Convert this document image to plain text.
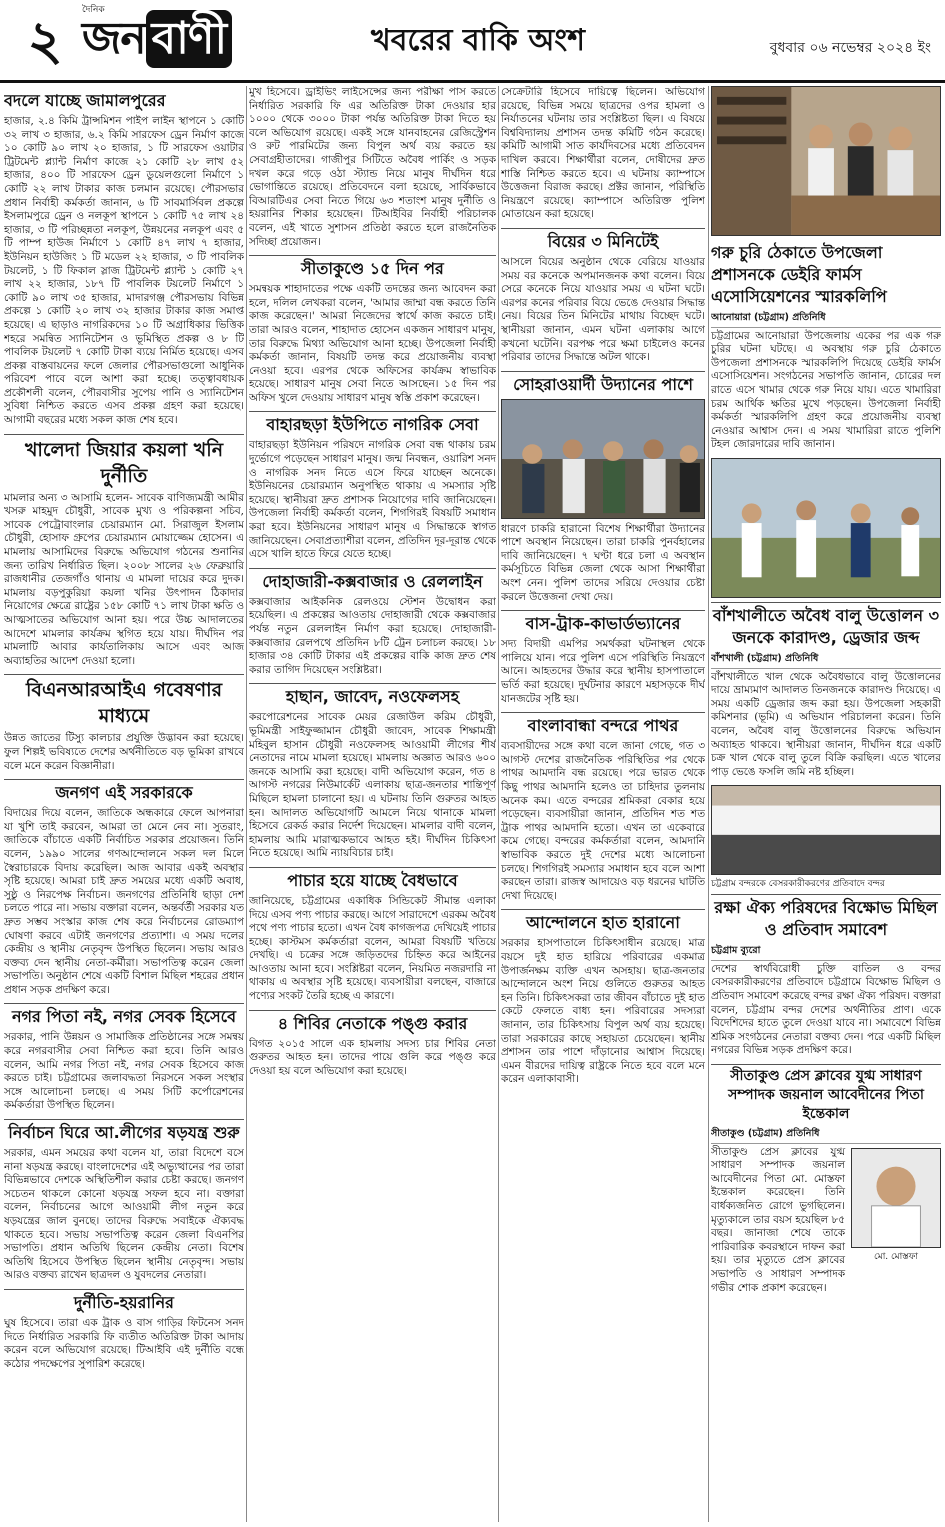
২	দৈনিক
জন বাণী	খবরের বাকি অংশ	বুধবার ০৬ নভেম্বর ২০২৪ ইং
বদলে যাচ্ছে জামালপুরের

হাজার, ২.৪ কিমি ট্রান্সমিশন পাইপ লাইন স্থাপনে ১ কোটি ৩২ লাখ ৩ হাজার, ৬.২ কিমি সারফেস ড্রেন নির্মাণ কাজে ১০ কোটি ৯০ লাখ ২০ হাজার, ১ টি সারফেস ওয়াটার ট্রিটমেন্ট প্ল্যান্ট নির্মাণ কাজে ২১ কোটি ২৮ লাখ ৫২ হাজার, ৪০০ টি সারফেস ড্রেন ডুয়েলগুলো নির্মাণে ১ কোটি ২২ লাখ টাকার কাজ চলমান রয়েছে। পৌরসভার প্রধান নির্বাহী কর্মকর্তা জানান, ৬ টি সাবমার্সিবল প্রকল্পে ইসলামপুরে ড্রেন ও নলকূপ স্থাপনে ১ কোটি ৭৫ লাখ ২৪ হাজার, ৩ টি পরিচ্ছন্নতা নলকূপ, উন্নয়নের নলকূপ এবং ৫ টি পাম্প হাউজ নির্মাণে ১ কোটি ৪৭ লাখ ৭ হাজার, ইউনিয়ন হাউজিং ১ টি মডেল ২২ হাজার, ৩ টি পাবলিক টয়লেট, ১ টি ফিকাল স্লাজ ট্রিটমেন্ট প্ল্যান্ট ১ কোটি ২৭ লাখ ২২ হাজার, ১৮৭ টি পাবলিক টয়লেট নির্মাণে ১ কোটি ৯০ লাখ ৩৫ হাজার, মাদারগঞ্জ পৌরসভায় বিভিন্ন প্রকল্পে ১ কোটি ২০ লাখ ৩২ হাজার টাকার কাজ সমাপ্ত হয়েছে। এ ছাড়াও নাগরিকদের ১০ টি অগ্রাধিকার ভিত্তিক শহরে সমন্বিত স্যানিটেশন ও ভূমিস্থিত প্রকল্প ও ৮ টি পাবলিক টয়লেট ৭ কোটি টাকা ব্যয়ে নির্মিত হয়েছে। এসব প্রকল্প বাস্তবায়নের ফলে জেলার পৌরসভাগুলো আধুনিক পরিবেশ পাবে বলে আশা করা হচ্ছে। তত্ত্বাবধায়ক প্রকৌশলী বলেন, পৌরবাসীর সুপেয় পানি ও স্যানিটেশন সুবিধা নিশ্চিত করতে এসব প্রকল্প গ্রহণ করা হয়েছে। আগামী বছরের মধ্যে সকল কাজ শেষ হবে।

খালেদা জিয়ার কয়লা খনি দুর্নীতি

মামলার অন্য ৩ আসামি হলেন- সাবেক বাণিজ্যমন্ত্রী আমীর খসরু মাহমুদ চৌধুরী, সাবেক মুখ্য ও পরিকল্পনা সচিব, সাবেক পেট্রোবাংলার চেয়ারম্যান মো. সিরাজুল ইসলাম চৌধুরী, হোসাফ গ্রুপের চেয়ারম্যান মোয়াজ্জেম হোসেন। এ মামলায় আসামিদের বিরুদ্ধে অভিযোগ গঠনের শুনানির জন্য তারিখ নির্ধারিত ছিল। ২০০৮ সালের ২৬ ফেব্রুয়ারি রাজধানীর তেজগাঁও থানায় এ মামলা দায়ের করে দুদক। মামলায় বড়পুকুরিয়া কয়লা খনির উৎপাদন ঠিকাদার নিয়োগের ক্ষেত্রে রাষ্ট্রের ১৫৮ কোটি ৭১ লাখ টাকা ক্ষতি ও আত্মসাতের অভিযোগ আনা হয়। পরে উচ্চ আদালতের আদেশে মামলার কার্যক্রম স্থগিত হয়ে যায়। দীর্ঘদিন পর মামলাটি আবার কার্যতালিকায় আসে এবং আজ অব্যাহতির আদেশ দেওয়া হলো।

বিএনআরআইএ গবেষণার মাধ্যমে

উন্নত জাতের টিস্যু কালচার প্রযুক্তি উদ্ভাবন করা হয়েছে। ফুল শিল্পই ভবিষ্যতে দেশের অর্থনীতিতে বড় ভূমিকা রাখবে বলে মনে করেন বিজ্ঞানীরা।

জনগণ এই সরকারকে

বিদায়ের দিয়ে বলেন, জাতিকে অন্ধকারে ফেলে আপনারা যা খুশি তাই করবেন, আমরা তা মেনে নেব না। সুতরাং, জাতিকে বাঁচাতে একটি নির্বাচিত সরকার প্রয়োজন। তিনি বলেন, ১৯৯০ সালের গণআন্দোলনে সকল দল মিলে স্বৈরাচারকে বিদায় করেছিল। আজ আবার একই অবস্থার সৃষ্টি হয়েছে। আমরা চাই দ্রুত সময়ের মধ্যে একটি অবাধ, সুষ্ঠু ও নিরপেক্ষ নির্বাচন। জনগণের প্রতিনিধি ছাড়া দেশ চলতে পারে না। সভায় বক্তারা বলেন, অন্তর্বর্তী সরকার যত দ্রুত সম্ভব সংস্কার কাজ শেষ করে নির্বাচনের রোডম্যাপ ঘোষণা করবে এটাই জনগণের প্রত্যাশা। এ সময় দলের কেন্দ্রীয় ও স্থানীয় নেতৃবৃন্দ উপস্থিত ছিলেন। সভায় আরও বক্তব্য দেন স্থানীয় নেতা-কর্মীরা। সভাপতিত্ব করেন জেলা সভাপতি। অনুষ্ঠান শেষে একটি বিশাল মিছিল শহরের প্রধান প্রধান সড়ক প্রদক্ষিণ করে।

নগর পিতা নই, নগর সেবক হিসেবে

সরকার, পানি উন্নয়ন ও সামাজিক প্রতিষ্ঠানের সঙ্গে সমন্বয় করে নগরবাসীর সেবা নিশ্চিত করা হবে। তিনি আরও বলেন, আমি নগর পিতা নই, নগর সেবক হিসেবে কাজ করতে চাই। চট্টগ্রামের জলাবদ্ধতা নিরসনে সকল সংস্থার সঙ্গে আলোচনা চলছে। এ সময় সিটি কর্পোরেশনের কর্মকর্তারা উপস্থিত ছিলেন।

নির্বাচন ঘিরে আ.লীগের ষড়যন্ত্র শুরু

সরকার, এমন সময়ের কথা বলেন যা, তারা বিদেশে বসে নানা ষড়যন্ত্র করছে। বাংলাদেশের এই অভ্যুত্থানের পর তারা বিভিন্নভাবে দেশকে অস্থিতিশীল করার চেষ্টা করছে। জনগণ সচেতন থাকলে কোনো ষড়যন্ত্র সফল হবে না। বক্তারা বলেন, নির্বাচনের আগে আওয়ামী লীগ নতুন করে ষড়যন্ত্রের জাল বুনছে। তাদের বিরুদ্ধে সবাইকে ঐক্যবদ্ধ থাকতে হবে। সভায় সভাপতিত্ব করেন জেলা বিএনপির সভাপতি। প্রধান অতিথি ছিলেন কেন্দ্রীয় নেতা। বিশেষ অতিথি হিসেবে উপস্থিত ছিলেন স্থানীয় নেতৃবৃন্দ। সভায় আরও বক্তব্য রাখেন ছাত্রদল ও যুবদলের নেতারা।

দুর্নীতি-হয়রানির

ঘুষ হিসেবে। তারা এক ট্রাক ও বাস গাড়ির ফিটনেস সনদ দিতে নির্ধারিত সরকারি ফি ব্যতীত অতিরিক্ত টাকা আদায় করেন বলে অভিযোগ রয়েছে। টিআইবি এই দুর্নীতি বন্ধে কঠোর পদক্ষেপের সুপারিশ করেছে।

মুখ হিসেবে। ড্রাইভিং লাইসেন্সের জন্য পরীক্ষা পাস করতে নির্ধারিত সরকারি ফি এর অতিরিক্ত টাকা দেওয়ার হার ১০০০ থেকে ৩০০০ টাকা পর্যন্ত অতিরিক্ত টাকা দিতে হয় বলে অভিযোগ রয়েছে। একই সঙ্গে যানবাহনের রেজিস্ট্রেশন ও রুট পারমিটের জন্য বিপুল অর্থ ব্যয় করতে হয় সেবাগ্রহীতাদের। গাজীপুর সিটিতে অবৈধ পার্কিং ও সড়ক দখল করে গড়ে ওঠা স্ট্যান্ড নিয়ে মানুষ দীর্ঘদিন ধরে ভোগান্তিতে রয়েছে। প্রতিবেদনে বলা হয়েছে, সার্বিকভাবে বিআরটিএর সেবা নিতে গিয়ে ৬৩ শতাংশ মানুষ দুর্নীতি ও হয়রানির শিকার হয়েছেন। টিআইবির নির্বাহী পরিচালক বলেন, এই খাতে সুশাসন প্রতিষ্ঠা করতে হলে রাজনৈতিক সদিচ্ছা প্রয়োজন।

সীতাকুণ্ডে ১৫ দিন পর

সমন্বয়ক শাহাদাতের পক্ষে একটি তদন্তের জন্য আবেদন করা হলে, দলিল লেখকরা বলেন, 'আমার জাম্মা বন্ধ করতে তিনি কাজ করেছেন।' আমরা নিজেদের স্বার্থে কাজ করতে চাই। তারা আরও বলেন, শাহাদাত হোসেন একজন সাধারণ মানুষ, তার বিরুদ্ধে মিথ্যা অভিযোগ আনা হচ্ছে। উপজেলা নির্বাহী কর্মকর্তা জানান, বিষয়টি তদন্ত করে প্রয়োজনীয় ব্যবস্থা নেওয়া হবে। এরপর থেকে অফিসের কার্যক্রম স্বাভাবিক হয়েছে। সাধারণ মানুষ সেবা নিতে আসছেন। ১৫ দিন পর অফিস খুলে দেওয়ায় সাধারণ মানুষ স্বস্তি প্রকাশ করেছেন।

বাহারছড়া ইউপিতে নাগরিক সেবা

বাহারছড়া ইউনিয়ন পরিষদে নাগরিক সেবা বন্ধ থাকায় চরম দুর্ভোগে পড়েছেন সাধারণ মানুষ। জন্ম নিবন্ধন, ওয়ারিশ সনদ ও নাগরিক সনদ নিতে এসে ফিরে যাচ্ছেন অনেকে। ইউনিয়নের চেয়ারম্যান অনুপস্থিত থাকায় এ সমস্যার সৃষ্টি হয়েছে। স্থানীয়রা দ্রুত প্রশাসক নিয়োগের দাবি জানিয়েছেন। উপজেলা নির্বাহী কর্মকর্তা বলেন, শিগগিরই বিষয়টি সমাধান করা হবে। ইউনিয়নের সাধারণ মানুষ এ সিদ্ধান্তকে স্বাগত জানিয়েছেন। সেবাপ্রত্যাশীরা বলেন, প্রতিদিন দূর-দূরান্ত থেকে এসে খালি হাতে ফিরে যেতে হচ্ছে।

দোহাজারী-কক্সবাজার ও রেললাইন

কক্সবাজার আইকনিক রেলওয়ে স্টেশন উদ্বোধন করা হয়েছিল। এ প্রকল্পের আওতায় দোহাজারী থেকে কক্সবাজার পর্যন্ত নতুন রেললাইন নির্মাণ করা হয়েছে। দোহাজারী-কক্সবাজার রেলপথে প্রতিদিন ৮টি ট্রেন চলাচল করছে। ১৮ হাজার ৩৪ কোটি টাকার এই প্রকল্পের বাকি কাজ দ্রুত শেষ করার তাগিদ দিয়েছেন সংশ্লিষ্টরা।

হাছান, জাবেদ, নওফেলসহ

করপোরেশনের সাবেক মেয়র রেজাউল করিম চৌধুরী, ভূমিমন্ত্রী সাইফুজ্জামান চৌধুরী জাবেদ, সাবেক শিক্ষামন্ত্রী মহিবুল হাসান চৌধুরী নওফেলসহ আওয়ামী লীগের শীর্ষ নেতাদের নামে মামলা হয়েছে। মামলায় অজ্ঞাত আরও ৬০০ জনকে আসামি করা হয়েছে। বাদী অভিযোগ করেন, গত ৪ আগস্ট নগরের নিউমার্কেট এলাকায় ছাত্র-জনতার শান্তিপূর্ণ মিছিলে হামলা চালানো হয়। এ ঘটনায় তিনি গুরুতর আহত হন। আদালত অভিযোগটি আমলে নিয়ে থানাকে মামলা হিসেবে রেকর্ড করার নির্দেশ দিয়েছেন। মামলার বাদী বলেন, হামলায় আমি মারাত্মকভাবে আহত হই। দীর্ঘদিন চিকিৎসা নিতে হয়েছে। আমি ন্যায়বিচার চাই।

পাচার হয়ে যাচ্ছে বৈধভাবে

জানিয়েছে, চট্টগ্রামের একাধিক সিন্ডিকেট সীমান্ত এলাকা দিয়ে এসব পণ্য পাচার করছে। আগে সারাদেশে এরকম অবৈধ পথে পণ্য পাচার হতো। এখন বৈধ কাগজপত্র দেখিয়েই পাচার হচ্ছে। কাস্টমস কর্মকর্তারা বলেন, আমরা বিষয়টি খতিয়ে দেখছি। এ চক্রের সঙ্গে জড়িতদের চিহ্নিত করে আইনের আওতায় আনা হবে। সংশ্লিষ্টরা বলেন, নিয়মিত নজরদারি না থাকায় এ অবস্থার সৃষ্টি হয়েছে। ব্যবসায়ীরা বলছেন, বাজারে পণ্যের সংকট তৈরি হচ্ছে এ কারণে।

৪ শিবির নেতাকে পঙ্গু করার

বিগত ২০১৫ সালে এক হামলায় সদস্য চার শিবির নেতা গুরুতর আহত হন। তাদের পায়ে গুলি করে পঙ্গু করে দেওয়া হয় বলে অভিযোগ করা হয়েছে।

সেক্রেটারি হিসেবে দায়িত্বে ছিলেন। অভিযোগ রয়েছে, বিভিন্ন সময়ে ছাত্রদের ওপর হামলা ও নির্যাতনের ঘটনায় তার সংশ্লিষ্টতা ছিল। এ বিষয়ে বিশ্ববিদ্যালয় প্রশাসন তদন্ত কমিটি গঠন করেছে। কমিটি আগামী সাত কার্যদিবসের মধ্যে প্রতিবেদন দাখিল করবে। শিক্ষার্থীরা বলেন, দোষীদের দ্রুত শাস্তি নিশ্চিত করতে হবে। এ ঘটনায় ক্যাম্পাসে উত্তেজনা বিরাজ করছে। প্রক্টর জানান, পরিস্থিতি নিয়ন্ত্রণে রয়েছে। ক্যাম্পাসে অতিরিক্ত পুলিশ মোতায়েন করা হয়েছে।

বিয়ের ৩ মিনিটেই

আসলে বিয়ের অনুষ্ঠান থেকে বেরিয়ে যাওয়ার সময় বর কনেকে অপমানজনক কথা বলেন। বিয়ে সেরে কনেকে নিয়ে যাওয়ার সময় এ ঘটনা ঘটে। এরপর কনের পরিবার বিয়ে ভেঙে দেওয়ার সিদ্ধান্ত নেয়। বিয়ের তিন মিনিটের মাথায় বিচ্ছেদ ঘটে। স্থানীয়রা জানান, এমন ঘটনা এলাকায় আগে কখনো ঘটেনি। বরপক্ষ পরে ক্ষমা চাইলেও কনের পরিবার তাদের সিদ্ধান্তে অটল থাকে।

সোহরাওয়ার্দী উদ্যানের পাশে

ধারণে চাকরি হারানো বিশেষ শিক্ষার্থীরা উদ্যানের পাশে অবস্থান নিয়েছেন। তারা চাকরি পুনর্বহালের দাবি জানিয়েছেন। ৭ ঘণ্টা ধরে চলা এ অবস্থান কর্মসূচিতে বিভিন্ন জেলা থেকে আসা শিক্ষার্থীরা অংশ নেন। পুলিশ তাদের সরিয়ে দেওয়ার চেষ্টা করলে উত্তেজনা দেখা দেয়।

বাস-ট্রাক-কাভার্ডভ্যানের

সদ্য বিদায়ী এমপির সমর্থকরা ঘটনাস্থল থেকে পালিয়ে যান। পরে পুলিশ এসে পরিস্থিতি নিয়ন্ত্রণে আনে। আহতদের উদ্ধার করে স্থানীয় হাসপাতালে ভর্তি করা হয়েছে। দুর্ঘটনার কারণে মহাসড়কে দীর্ঘ যানজটের সৃষ্টি হয়।

বাংলাবান্ধা বন্দরে পাথর

ব্যবসায়ীদের সঙ্গে কথা বলে জানা গেছে, গত ৩ আগস্ট দেশের রাজনৈতিক পরিস্থিতির পর থেকে পাথর আমদানি বন্ধ রয়েছে। পরে ভারত থেকে কিছু পাথর আমদানি হলেও তা চাহিদার তুলনায় অনেক কম। এতে বন্দরের শ্রমিকরা বেকার হয়ে পড়েছেন। ব্যবসায়ীরা জানান, প্রতিদিন শত শত ট্রাক পাথর আমদানি হতো। এখন তা একেবারে কমে গেছে। বন্দরের কর্মকর্তারা বলেন, আমদানি স্বাভাবিক করতে দুই দেশের মধ্যে আলোচনা চলছে। শিগগিরই সমস্যার সমাধান হবে বলে আশা করছেন তারা। রাজস্ব আদায়েও বড় ধরনের ঘাটতি দেখা দিয়েছে।

আন্দোলনে হাত হারানো

সরকার হাসপাতালে চিকিৎসাধীন রয়েছে। মাত্র বয়সে দুই হাত হারিয়ে পরিবারের একমাত্র উপার্জনক্ষম ব্যক্তি এখন অসহায়। ছাত্র-জনতার আন্দোলনে অংশ নিয়ে গুলিতে গুরুতর আহত হন তিনি। চিকিৎসকরা তার জীবন বাঁচাতে দুই হাত কেটে ফেলতে বাধ্য হন। পরিবারের সদস্যরা জানান, তার চিকিৎসায় বিপুল অর্থ ব্যয় হয়েছে। তারা সরকারের কাছে সহায়তা চেয়েছেন। স্থানীয় প্রশাসন তার পাশে দাঁড়ানোর আশ্বাস দিয়েছে। এমন বীরদের দায়িত্ব রাষ্ট্রকে নিতে হবে বলে মনে করেন এলাকাবাসী।

গরু চুরি ঠেকাতে উপজেলা প্রশাসনকে ডেইরি ফার্মস এসোসিয়েশনের স্মারকলিপি
আনোয়ারা (চট্টগ্রাম) প্রতিনিধি

চট্টগ্রামের আনোয়ারা উপজেলায় একের পর এক গরু চুরির ঘটনা ঘটছে। এ অবস্থায় গরু চুরি ঠেকাতে উপজেলা প্রশাসনকে স্মারকলিপি দিয়েছে ডেইরি ফার্মস এসোসিয়েশন। সংগঠনের সভাপতি জানান, চোরের দল রাতে এসে খামার থেকে গরু নিয়ে যায়। এতে খামারিরা চরম আর্থিক ক্ষতির মুখে পড়ছেন। উপজেলা নির্বাহী কর্মকর্তা স্মারকলিপি গ্রহণ করে প্রয়োজনীয় ব্যবস্থা নেওয়ার আশ্বাস দেন। এ সময় খামারিরা রাতে পুলিশি টহল জোরদারের দাবি জানান।

বাঁশখালীতে অবৈধ বালু উত্তোলন ৩ জনকে কারাদণ্ড, ড্রেজার জব্দ
বাঁশখালী (চট্টগ্রাম) প্রতিনিধি

বাঁশখালীতে খাল থেকে অবৈধভাবে বালু উত্তোলনের দায়ে ভ্রাম্যমাণ আদালত তিনজনকে কারাদণ্ড দিয়েছে। এ সময় একটি ড্রেজার জব্দ করা হয়। উপজেলা সহকারী কমিশনার (ভূমি) এ অভিযান পরিচালনা করেন। তিনি বলেন, অবৈধ বালু উত্তোলনের বিরুদ্ধে অভিযান অব্যাহত থাকবে। স্থানীয়রা জানান, দীর্ঘদিন ধরে একটি চক্র খাল থেকে বালু তুলে বিক্রি করছিল। এতে খালের পাড় ভেঙে ফসলি জমি নষ্ট হচ্ছিল।

চট্টগ্রাম বন্দরকে বেসরকারীকরণের প্রতিবাদে বন্দর
রক্ষা ঐক্য পরিষদের বিক্ষোভ মিছিল ও প্রতিবাদ সমাবেশ
চট্টগ্রাম ব্যুরো

দেশের স্বার্থবিরোধী চুক্তি বাতিল ও বন্দর বেসরকারীকরণের প্রতিবাদে চট্টগ্রামে বিক্ষোভ মিছিল ও প্রতিবাদ সমাবেশ করেছে বন্দর রক্ষা ঐক্য পরিষদ। বক্তারা বলেন, চট্টগ্রাম বন্দর দেশের অর্থনীতির প্রাণ। একে বিদেশিদের হাতে তুলে দেওয়া যাবে না। সমাবেশে বিভিন্ন শ্রমিক সংগঠনের নেতারা বক্তব্য দেন। পরে একটি মিছিল নগরের বিভিন্ন সড়ক প্রদক্ষিণ করে।

সীতাকুণ্ড প্রেস ক্লাবের যুগ্ম সাধারণ সম্পাদক জয়নাল আবেদীনের পিতা ইন্তেকাল
সীতাকুণ্ড (চট্টগ্রাম) প্রতিনিধি
মো. মোস্তফা

সীতাকুণ্ড প্রেস ক্লাবের যুগ্ম সাধারণ সম্পাদক জয়নাল আবেদীনের পিতা মো. মোস্তফা ইন্তেকাল করেছেন। তিনি বার্ধক্যজনিত রোগে ভুগছিলেন। মৃত্যুকালে তার বয়স হয়েছিল ৮৫ বছর। জানাজা শেষে তাকে পারিবারিক কবরস্থানে দাফন করা হয়। তার মৃত্যুতে প্রেস ক্লাবের সভাপতি ও সাধারণ সম্পাদক গভীর শোক প্রকাশ করেছেন।
